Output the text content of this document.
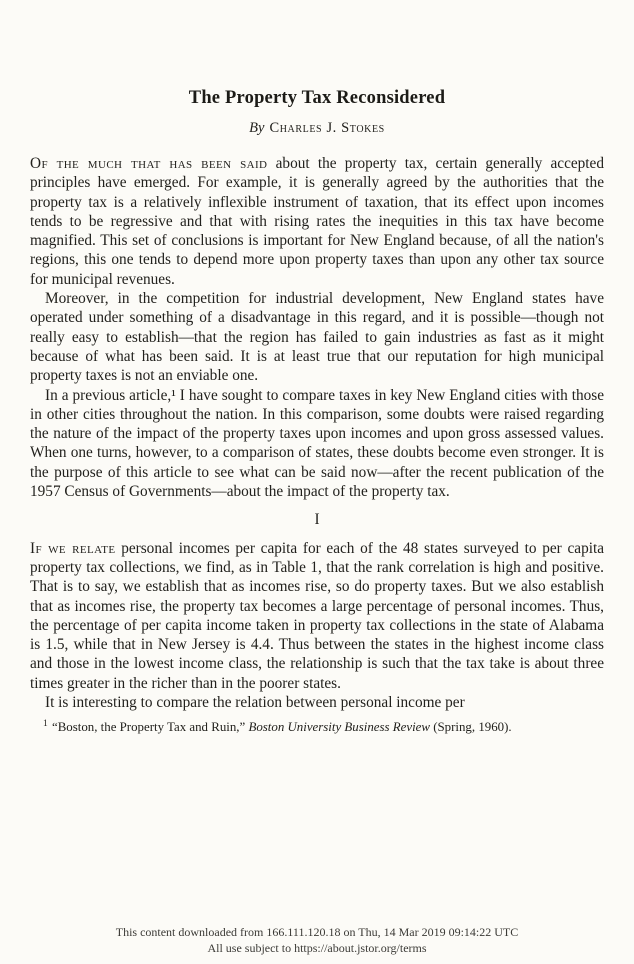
The Property Tax Reconsidered

By Charles J. Stokes

Of the much that has been said about the property tax, certain generally accepted principles have emerged. For example, it is generally agreed by the authorities that the property tax is a relatively inflexible instrument of taxation, that its effect upon incomes tends to be regressive and that with rising rates the inequities in this tax have become magnified. This set of conclusions is important for New England because, of all the nation's regions, this one tends to depend more upon property taxes than upon any other tax source for municipal revenues.

Moreover, in the competition for industrial development, New England states have operated under something of a disadvantage in this regard, and it is possible—though not really easy to establish—that the region has failed to gain industries as fast as it might because of what has been said. It is at least true that our reputation for high municipal property taxes is not an enviable one.

In a previous article,¹ I have sought to compare taxes in key New England cities with those in other cities throughout the nation. In this comparison, some doubts were raised regarding the nature of the impact of the property taxes upon incomes and upon gross assessed values. When one turns, however, to a comparison of states, these doubts become even stronger. It is the purpose of this article to see what can be said now—after the recent publication of the 1957 Census of Governments—about the impact of the property tax.

I

If we relate personal incomes per capita for each of the 48 states surveyed to per capita property tax collections, we find, as in Table 1, that the rank correlation is high and positive. That is to say, we establish that as incomes rise, so do property taxes. But we also establish that as incomes rise, the property tax becomes a large percentage of personal incomes. Thus, the percentage of per capita income taken in property tax collections in the state of Alabama is 1.5, while that in New Jersey is 4.4. Thus between the states in the highest income class and those in the lowest income class, the relationship is such that the tax take is about three times greater in the richer than in the poorer states.

It is interesting to compare the relation between personal income per

$^1$ “Boston, the Property Tax and Ruin,” Boston University Business Review (Spring, 1960).
This content downloaded from 166.111.120.18 on Thu, 14 Mar 2019 09:14:22 UTC
All use subject to https://about.jstor.org/terms
